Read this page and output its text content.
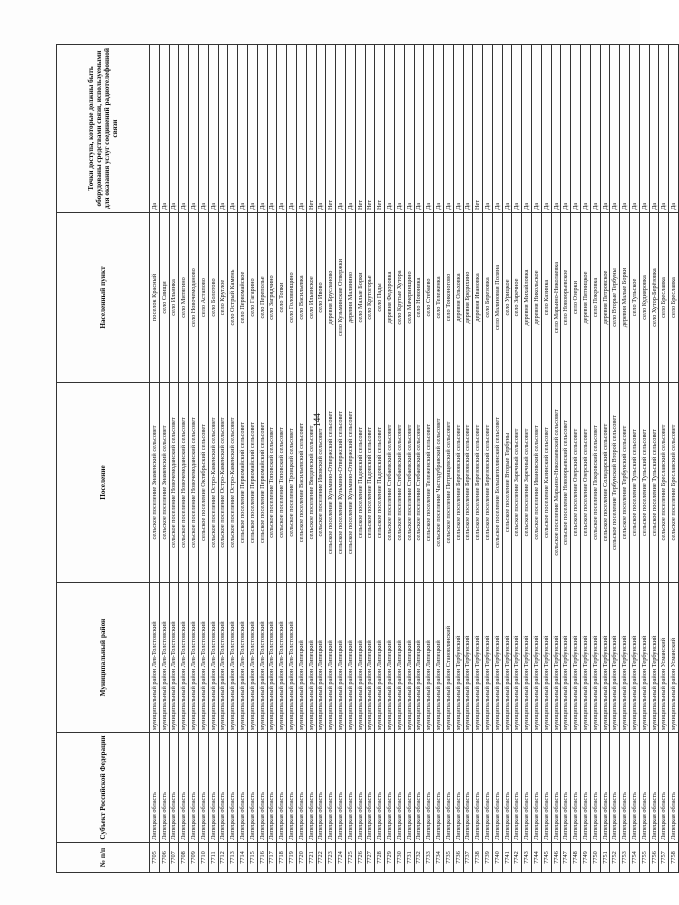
144
№ п/п	Субъект Российской Федерации	Муниципальный район	Поселение	Населенный пункт	Точки доступа, которые должны быть оборудованы средствами связи, используемыми для оказания услуг соединений радиотелефонной связи
7705	Липецкая область	муниципальный район Лев-Толстовский	сельское поселение Знаменский сельсовет	поселок Красный	Да
7706	Липецкая область	муниципальный район Лев-Толстовский	сельское поселение Знаменский сельсовет	село Свищи	Да
7707	Липецкая область	муниципальный район Лев-Толстовский	сельское поселение Новочемоданский сельсовет	село Ильинка	Да
7708	Липецкая область	муниципальный район Лев-Толстовский	сельское поселение Новочемоданский сельсовет	село Митягино	Да
7709	Липецкая область	муниципальный район Лев-Толстовский	сельское поселение Новочемоданский сельсовет	село Новочемоданово	Да
7710	Липецкая область	муниципальный район Лев-Толстовский	сельское поселение Октябрьский сельсовет	село Астапово	Да
7711	Липецкая область	муниципальный район Лев-Толстовский	сельское поселение Остро-Каменский сельсовет	село Болотово	Да
7712	Липецкая область	муниципальный район Лев-Толстовский	сельское поселение Остро-Каменский сельсовет	село Круглое	Да
7713	Липецкая область	муниципальный район Лев-Толстовский	сельское поселение Остро-Каменский сельсовет	село Острый Камень	Да
7714	Липецкая область	муниципальный район Лев-Толстовский	сельское поселение Первомайский сельсовет	село Первомайское	Да
7715	Липецкая область	муниципальный район Лев-Толстовский	сельское поселение Первомайский сельсовет	село Гагарино	Да
7716	Липецкая область	муниципальный район Лев-Толстовский	сельское поселение Первомайский сельсовет	село Переполье	Да
7717	Липецкая область	муниципальный район Лев-Толстовский	сельское поселение Топовский сельсовет	село Загрядчино	Да
7718	Липецкая область	муниципальный район Лев-Толстовский	сельское поселение Топовский сельсовет	село Топки	Да
7719	Липецкая область	муниципальный район Лев-Толстовский	сельское поселение Троицкий сельсовет	село Головинщино	Да
7720	Липецкая область	муниципальный район Липецкий	сельское поселение Васильевский сельсовет	село Васильевка	Да
7721	Липецкая область	муниципальный район Липецкий	сельское поселение Введенский сельсовет	село Ильинское	Нет
7722	Липецкая область	муниципальный район Липецкий	сельское поселение Ивовский сельсовет	село Ивово	Да
7723	Липецкая область	муниципальный район Липецкий	сельское поселение Кузьмино-Отвержский сельсовет	деревня Брусланово	Нет
7724	Липецкая область	муниципальный район Липецкий	сельское поселение Кузьмино-Отвержский сельсовет	село Кузьминские Отвержки	Да
7725	Липецкая область	муниципальный район Липецкий	сельское поселение Кузьмино-Отвержский сельсовет	деревня Малинино	Да
7726	Липецкая область	муниципальный район Липецкий	сельское поселение Падовский сельсовет	село Малые Борки	Нет
7727	Липецкая область	муниципальный район Липецкий	сельское поселение Падовский сельсовет	село Крутогорье	Нет
7728	Липецкая область	муниципальный район Липецкий	сельское поселение Падовский сельсовет	село Пады	Нет
7729	Липецкая область	муниципальный район Липецкий	сельское поселение Стебаевский сельсовет	деревня Федоровка	Да
7730	Липецкая область	муниципальный район Липецкий	сельское поселение Стебаевский сельсовет	село Крутые Хутора	Да
7731	Липецкая область	муниципальный район Липецкий	сельское поселение Стебаевский сельсовет	село Мачеринщино	Да
7732	Липецкая область	муниципальный район Липецкий	сельское поселение Стебаевский сельсовет	село Новоника	Да
7733	Липецкая область	муниципальный район Липецкий	сельское поселение Тележенский сельсовет	село Стебаево	Да
7734	Липецкая область	муниципальный район Липецкий	сельское поселение Частодубравский сельсовет	село Тележенка	Да
7735	Липецкая область	муниципальный район Становлянский	сельское поселение Петрищевский сельсовет	село Тонконогово	Да
7736	Липецкая область	муниципальный район Тербунский	сельское поселение Березовский сельсовет	деревня Ольховка	Да
7737	Липецкая область	муниципальный район Тербунский	сельское поселение Березовский сельсовет	деревня Бредихино	Да
7738	Липецкая область	муниципальный район Тербунский	сельское поселение Березовский сельсовет	деревня Ивановка	Нет
7739	Липецкая область	муниципальный район Тербунский	сельское поселение Березовский сельсовет	село Березовка	Да
7740	Липецкая область	муниципальный район Тербунский	сельское поселение Большеполянский сельсовет	село Малиновая Поляна	Да
7741	Липецкая область	муниципальный район Тербунский	сельское поселение Вторые Тербуны	село Урицкое	Да
7742	Липецкая область	муниципальный район Тербунский	сельское поселение Заречный сельсовет	село Заречное	Да
7743	Липецкая область	муниципальный район Тербунский	сельское поселение Заречный сельсовет	деревня Михайловка	Да
7744	Липецкая область	муниципальный район Тербунский	сельское поселение Ивановский сельсовет	деревня Никольское	Да
7745	Липецкая область	муниципальный район Тербунский	сельское поселение Казинский сельсовет	село Казинка	Да
7746	Липецкая область	муниципальный район Тербунский	сельское поселение Марьино-Николаевский сельсовет	село Марьино-Николаевка	Да
7747	Липецкая область	муниципальный район Тербунский	сельское поселение Новоюрьевский сельсовет	село Новоюрьевское	Да
7748	Липецкая область	муниципальный район Тербунский	сельское поселение Озерский сельсовет	село Озерки	Да
7749	Липецкая область	муниципальный район Тербунский	сельское поселение Озерский сельсовет	деревня Пятницкое	Да
7750	Липецкая область	муниципальный район Тербунский	сельское поселение Покровский сельсовет	село Покровка	Да
7751	Липецкая область	муниципальный район Тербунский	сельское поселение Солидарский сельсовет	деревня Петровское	Да
7752	Липецкая область	муниципальный район Тербунский	сельское поселение Тербунский Второй сельсовет	село Вторые Тербуны	Да
7753	Липецкая область	муниципальный район Тербунский	сельское поселение Тербунский сельсовет	деревня Малые Борки	Да
7754	Липецкая область	муниципальный район Тербунский	сельское поселение Тульский сельсовет	село Тульское	Да
7755	Липецкая область	муниципальный район Тербунский	сельское поселение Тульский сельсовет	село Кудияровка	Да
7756	Липецкая область	муниципальный район Тербунский	сельское поселение Тульский сельсовет	село Хутор-Берёзовка	Да
7757	Липецкая область	муниципальный район Усманский	сельское поселение Бреславский сельсовет	село Бреславка	Да
7758	Липецкая область	муниципальный район Усманский	сельское поселение Бреславский сельсовет	село Бреславка	Да
